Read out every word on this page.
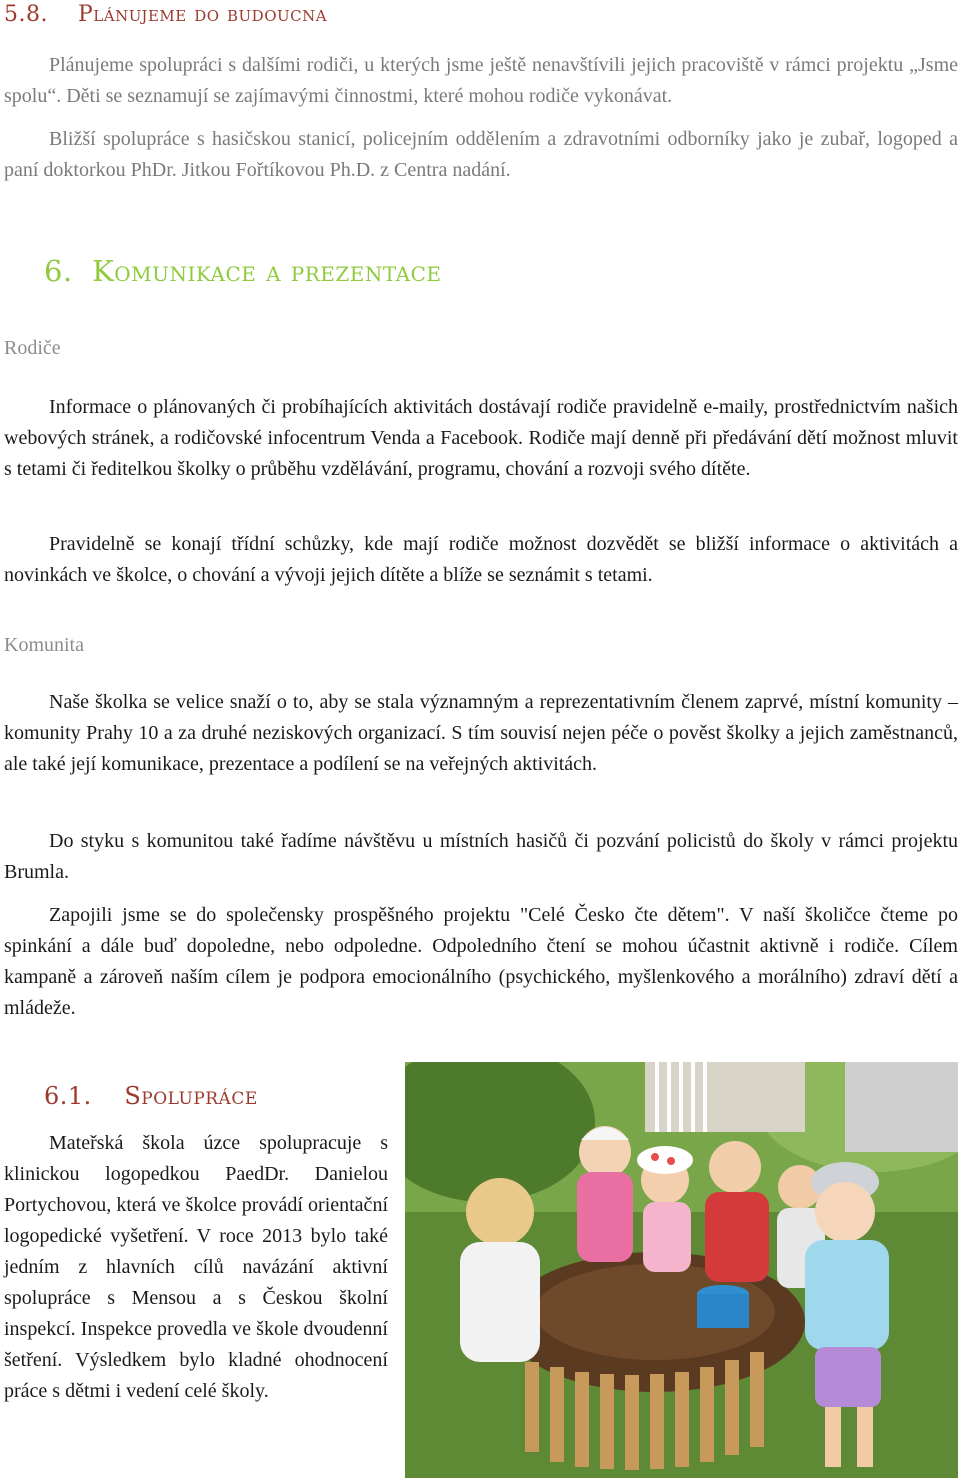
5.8. Plánujeme do budoucna

Plánujeme spolupráci s dalšími rodiči, u kterých jsme ještě nenavštívili jejich pracoviště v rámci projektu „Jsme spolu“. Děti se seznamují se zajímavými činnostmi, které mohou rodiče vykonávat.

Bližší spolupráce s hasičskou stanicí, policejním oddělením a zdravotními odborníky jako je zubař, logoped a paní doktorkou PhDr. Jitkou Fořtíkovou Ph.D. z Centra nadání.

6. Komunikace a prezentace
Rodiče

Informace o plánovaných či probíhajících aktivitách dostávají rodiče pravidelně e-maily, prostřednictvím našich webových stránek, a rodičovské infocentrum Venda a Facebook. Rodiče mají denně při předávání dětí možnost mluvit s tetami či ředitelkou školky o průběhu vzdělávání, programu, chování a rozvoji svého dítěte.

Pravidelně se konají třídní schůzky, kde mají rodiče možnost dozvědět se bližší informace o aktivitách a novinkách ve školce, o chování a vývoji jejich dítěte a blíže se seznámit s tetami.

Komunita

Naše školka se velice snaží o to, aby se stala významným a reprezentativním členem zaprvé, místní komunity – komunity Prahy 10 a za druhé neziskových organizací. S tím souvisí nejen péče o pověst školky a jejich zaměstnanců, ale také její komunikace, prezentace a podílení se na veřejných aktivitách.

Do styku s komunitou také řadíme návštěvu u místních hasičů či pozvání policistů do školy v rámci projektu Brumla.

Zapojili jsme se do společensky prospěšného projektu "Celé Česko čte dětem". V naší školičce čteme po spinkání a dále buď dopoledne, nebo odpoledne. Odpoledního čtení se mohou účastnit aktivně i rodiče. Cílem kampaně a zároveň naším cílem je podpora emocionálního (psychického, myšlenkového a morálního) zdraví dětí a mládeže.

6.1. Spolupráce

Mateřská škola úzce spolupracuje s klinickou logopedkou PaedDr. Danielou Portychovou, která ve školce provádí orientační logopedické vyšetření. V roce 2013 bylo také jedním z hlavních cílů navázání aktivní spolupráce s Mensou a s Českou školní inspekcí. Inspekce provedla ve škole dvoudenní šetření. Výsledkem bylo kladné ohodnocení práce s dětmi i vedení celé školy.
